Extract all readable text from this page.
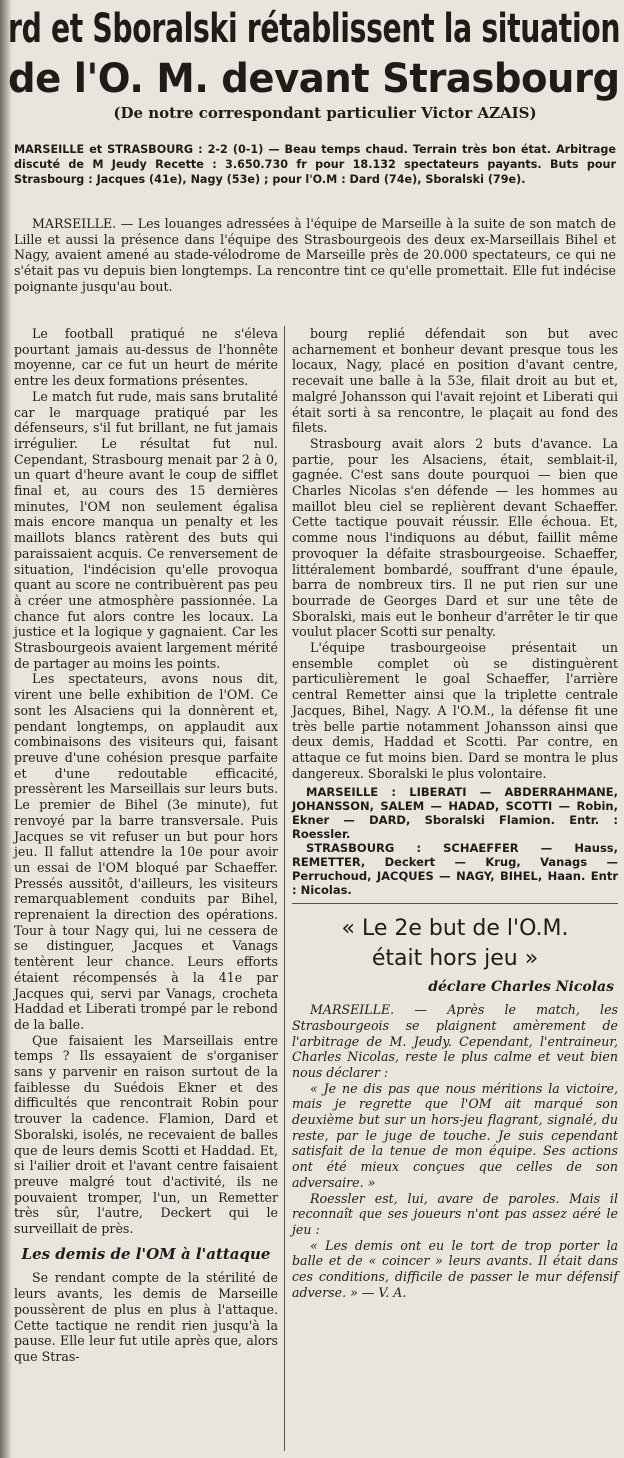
rd et Sboralski rétablissent la situation
de l'O. M. devant Strasbourg
(De notre correspondant particulier Victor AZAIS)
MARSEILLE et STRASBOURG : 2-2 (0-1) — Beau temps chaud. Terrain très bon état. Arbitrage discuté de M Jeudy Recette : 3.650.730 fr pour 18.132 spectateurs payants. Buts pour Strasbourg : Jacques (41e), Nagy (53e) ; pour l'O.M : Dard (74e), Sboralski (79e).

MARSEILLE. — Les louanges adressées à l'équipe de Marseille à la suite de son match de Lille et aussi la présence dans l'équipe des Strasbourgeois des deux ex-Marseillais Bihel et Nagy, avaient amené au stade-vélodrome de Marseille près de 20.000 spectateurs, ce qui ne s'était pas vu depuis bien longtemps. La rencontre tint ce qu'elle promettait. Elle fut indécise poignante jusqu'au bout.

Le football pratiqué ne s'éleva pourtant jamais au-dessus de l'honnête moyenne, car ce fut un heurt de mérite entre les deux formations présentes.

Le match fut rude, mais sans brutalité car le marquage pratiqué par les défenseurs, s'il fut brillant, ne fut jamais irrégulier. Le résultat fut nul. Cependant, Strasbourg menait par 2 à 0, un quart d'heure avant le coup de sifflet final et, au cours des 15 dernières minutes, l'OM non seulement égalisa mais encore manqua un penalty et les maillots blancs ratèrent des buts qui paraissaient acquis. Ce renversement de situation, l'indécision qu'elle provoqua quant au score ne contribuèrent pas peu à créer une atmosphère passionnée. La chance fut alors contre les locaux. La justice et la logique y gagnaient. Car les Strasbourgeois avaient largement mérité de partager au moins les points.

Les spectateurs, avons nous dit, virent une belle exhibition de l'OM. Ce sont les Alsaciens qui la donnèrent et, pendant longtemps, on applaudit aux combinaisons des visiteurs qui, faisant preuve d'une cohésion presque parfaite et d'une redoutable efficacité, pressèrent les Marseillais sur leurs buts. Le premier de Bihel (3e minute), fut renvoyé par la barre transversale. Puis Jacques se vit refuser un but pour hors jeu. Il fallut attendre la 10e pour avoir un essai de l'OM bloqué par Schaeffer. Pressés aussitôt, d'ailleurs, les visiteurs remarquablement conduits par Bihel, reprenaient la direction des opérations. Tour à tour Nagy qui, lui ne cessera de se distinguer, Jacques et Vanags tentèrent leur chance. Leurs efforts étaient récompensés à la 41e par Jacques qui, servi par Vanags, crocheta Haddad et Liberati trompé par le rebond de la balle.

Que faisaient les Marseillais entre temps ? Ils essayaient de s'organiser sans y parvenir en raison surtout de la faiblesse du Suédois Ekner et des difficultés que rencontrait Robin pour trouver la cadence. Flamion, Dard et Sboralski, isolés, ne recevaient de balles que de leurs demis Scotti et Haddad. Et, si l'ailier droit et l'avant centre faisaient preuve malgré tout d'activité, ils ne pouvaient tromper, l'un, un Remetter très sûr, l'autre, Deckert qui le surveillait de près.

Les demis de l'OM à l'attaque

Se rendant compte de la stérilité de leurs avants, les demis de Marseille poussèrent de plus en plus à l'attaque. Cette tactique ne rendit rien jusqu'à la pause. Elle leur fut utile après que, alors que Stras-

bourg replié défendait son but avec acharnement et bonheur devant presque tous les locaux, Nagy, placé en position d'avant centre, recevait une balle à la 53e, filait droit au but et, malgré Johansson qui l'avait rejoint et Liberati qui était sorti à sa rencontre, le plaçait au fond des filets.

Strasbourg avait alors 2 buts d'avance. La partie, pour les Alsaciens, était, semblait-il, gagnée. C'est sans doute pourquoi — bien que Charles Nicolas s'en défende — les hommes au maillot bleu ciel se replièrent devant Schaeffer. Cette tactique pouvait réussir. Elle échoua. Et, comme nous l'indiquons au début, faillit même provoquer la défaite strasbourgeoise. Schaeffer, littéralement bombardé, souffrant d'une épaule, barra de nombreux tirs. Il ne put rien sur une bourrade de Georges Dard et sur une tête de Sboralski, mais eut le bonheur d'arrêter le tir que voulut placer Scotti sur penalty.

L'équipe trasbourgeoise présentait un ensemble complet où se distinguèrent particulièrement le goal Schaeffer, l'arrière central Remetter ainsi que la triplette centrale Jacques, Bihel, Nagy. A l'O.M., la défense fit une très belle partie notamment Johansson ainsi que deux demis, Haddad et Scotti. Par contre, en attaque ce fut moins bien. Dard se montra le plus dangereux. Sboralski le plus volontaire.

MARSEILLE : LIBERATI — ABDERRAHMANE, JOHANSSON, SALEM — HADAD, SCOTTI — Robin, Ekner — DARD, Sboralski Flamion. Entr. : Roessler.

STRASBOURG : SCHAEFFER — Hauss, REMETTER, Deckert — Krug, Vanags — Perruchoud, JACQUES — NAGY, BIHEL, Haan. Entr : Nicolas.

« Le 2e but de l'O.M.
était hors jeu »
déclare Charles Nicolas

MARSEILLE. — Après le match, les Strasbourgeois se plaignent amèrement de l'arbitrage de M. Jeudy. Cependant, l'entraineur, Charles Nicolas, reste le plus calme et veut bien nous déclarer :

« Je ne dis pas que nous méritions la victoire, mais je regrette que l'OM ait marqué son deuxième but sur un hors-jeu flagrant, signalé, du reste, par le juge de touche. Je suis cependant satisfait de la tenue de mon équipe. Ses actions ont été mieux conçues que celles de son adversaire. »

Roessler est, lui, avare de paroles. Mais il reconnaît que ses joueurs n'ont pas assez aéré le jeu :

« Les demis ont eu le tort de trop porter la balle et de « coincer » leurs avants. Il était dans ces conditions, difficile de passer le mur défensif adverse. » — V. A.
